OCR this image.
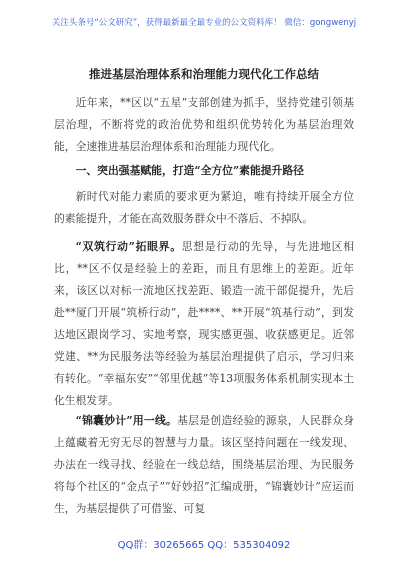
关注头条号“公文研究”，获得最新最全最专业的公文资料库！ 微信：gongwenyj
推进基层治理体系和治理能力现代化工作总结

近年来，**区以“五星”支部创建为抓手，坚持党建引领基层治理，不断将党的政治优势和组织优势转化为基层治理效能，全速推进基层治理体系和治理能力现代化。

一、突出强基赋能，打造“全方位”素能提升路径

新时代对能力素质的要求更为紧迫，唯有持续开展全方位的素能提升，才能在高效服务群众中不落后、不掉队。

“双筑行动”拓眼界。思想是行动的先导，与先进地区相比，**区不仅是经验上的差距，而且有思维上的差距。近年来，该区以对标一流地区找差距、锻造一流干部促提升，先后赴**厦门开展“筑桥行动”，赴****、**开展“筑基行动”，到发达地区跟岗学习、实地考察，现实感更强、收获感更足。近邻党建、**为民服务法等经验为基层治理提供了启示，学习归来有转化。“幸福东安”“邻里优越”等13项服务体系机制实现本土化生根发芽。

“锦囊妙计”用一线。基层是创造经验的源泉，人民群众身上蕴藏着无穷无尽的智慧与力量。该区坚持问题在一线发现、办法在一线寻找、经验在一线总结，围绕基层治理、为民服务将每个社区的“金点子”“好妙招”汇编成册，“锦囊妙计”应运而生，为基层提供了可借鉴、可复

QQ群：30265665 QQ：535304092
